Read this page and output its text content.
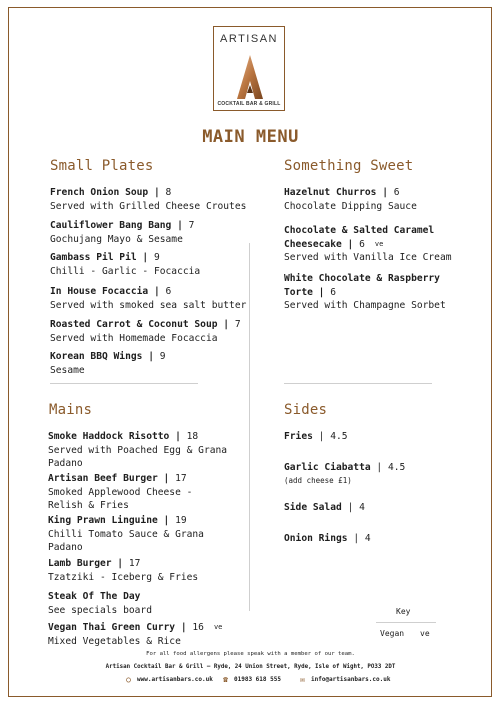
ARTISAN
COCKTAIL BAR & GRILL
MAIN MENU
Small Plates
French Onion Soup | 8
Served with Grilled Cheese Croutes
Cauliflower Bang Bang | 7
Gochujang Mayo & Sesame
Gambass Pil Pil | 9
Chilli - Garlic - Focaccia
In House Focaccia | 6
Served with smoked sea salt butter
Roasted Carrot & Coconut Soup | 7
Served with Homemade Focaccia
Korean BBQ Wings | 9
Sesame
Something Sweet
Hazelnut Churros | 6
Chocolate Dipping Sauce
Chocolate & Salted Caramel Cheesecake | 6 ve
Served with Vanilla Ice Cream
White Chocolate & Raspberry Torte | 6
Served with Champagne Sorbet
Mains
Smoke Haddock Risotto | 18
Served with Poached Egg & Grana Padano
Artisan Beef Burger | 17
Smoked Applewood Cheese - Relish & Fries
King Prawn Linguine | 19
Chilli Tomato Sauce & Grana Padano
Lamb Burger | 17
Tzatziki - Iceberg & Fries
Steak Of The Day
See specials board
Vegan Thai Green Curry | 16 ve
Mixed Vegetables & Rice
Sides
Fries | 4.5
Garlic Ciabatta | 4.5
(add cheese £1)
Side Salad | 4
Onion Rings | 4
Key
Vegan ve
For all food allergens please speak with a member of our team.
Artisan Cocktail Bar & Grill – Ryde, 24 Union Street, Ryde, Isle of Wight, PO33 2DT
○	www.artisanbars.co.uk ☎	01983 618 555 ✉	info@artisanbars.co.uk
